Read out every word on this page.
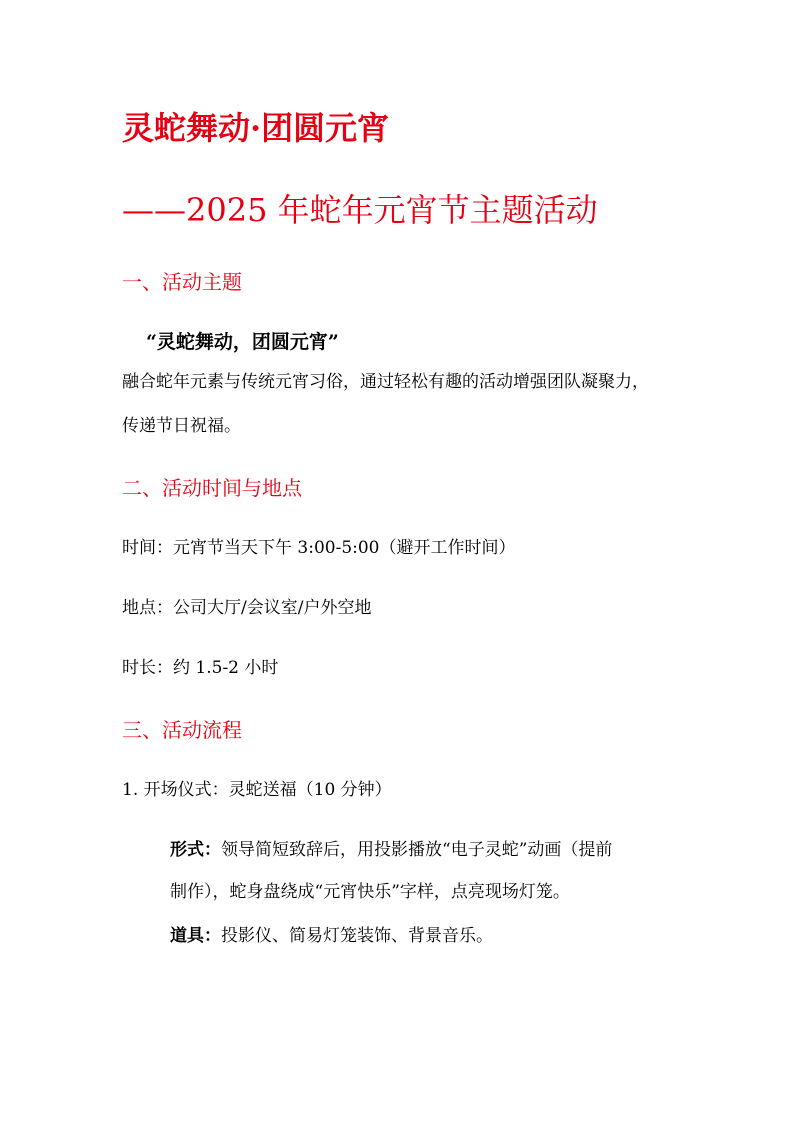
灵蛇舞动·团圆元宵
——2025 年蛇年元宵节主题活动
一、活动主题

“灵蛇舞动，团圆元宵”

融合蛇年元素与传统元宵习俗，通过轻松有趣的活动增强团队凝聚力，

传递节日祝福。

二、活动时间与地点

时间：元宵节当天下午 3:00-5:00（避开工作时间）

地点：公司大厅/会议室/户外空地

时长：约 1.5-2 小时

三、活动流程

1. 开场仪式：灵蛇送福（10 分钟）

形式：领导简短致辞后，用投影播放“电子灵蛇”动画（提前

制作），蛇身盘绕成“元宵快乐”字样，点亮现场灯笼。

道具：投影仪、简易灯笼装饰、背景音乐。
